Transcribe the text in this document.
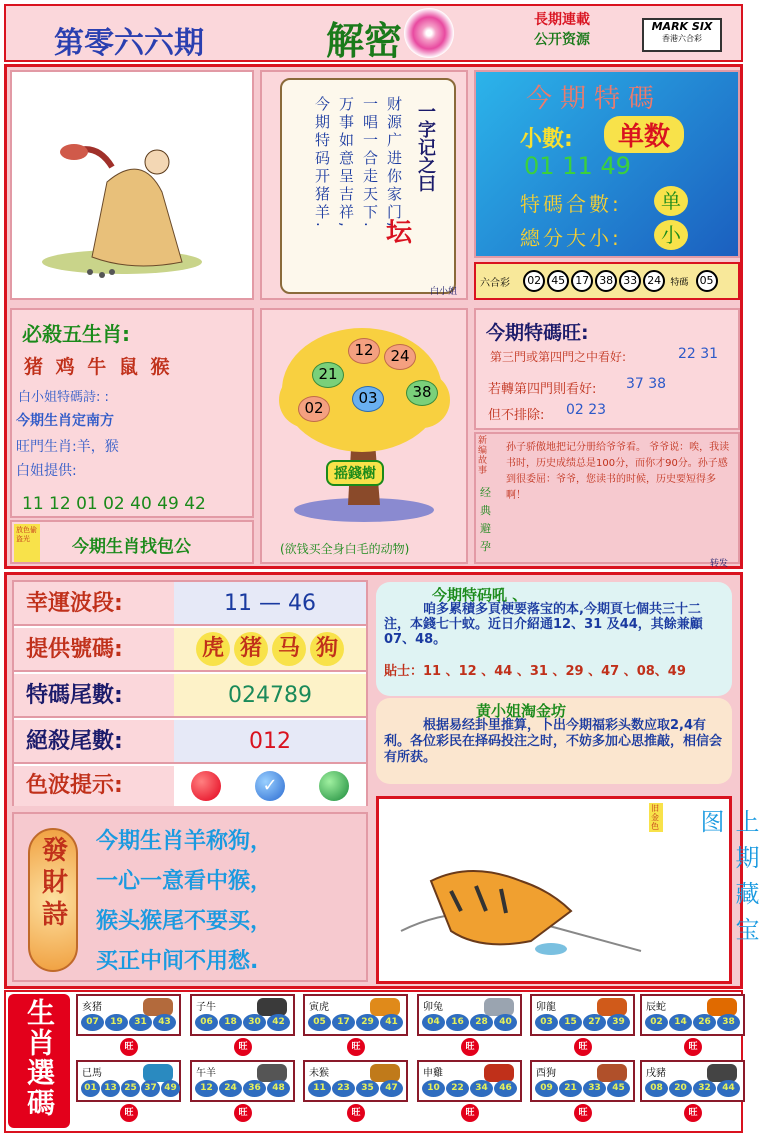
第零六六期	解密	長期連載
公开资源
MARK SIX
香港六合彩
财源广进你家门,
一唱一合走天下.
万事如意呈吉祥,
今期特码开猪羊.	一字记之曰
坛
白小姐
今期特碼
小數:	单数
01 11 49
特碼合數:	单
總分大小:	小
六合彩 02 45 17 38 33 24 特碼 05
必殺五生肖:
猪 鸡 牛 鼠 猴
白小姐特碼詩: :
今期生肖定南方
旺門生肖:羊，猴
白姐提供:
11 12 01 02 40 49 42
放色偷盗光	今期生肖找包公
12	24
21
03	38
02
摇錢樹
(欲钱买全身白毛的动物)
今期特碼旺:
第三門或第四門之中看好:	22 31
若轉第四門則看好: 37 38
但不排除: 02 23
新编故事
经典避孕
孙子骄傲地把记分册给爷爷看。 爷爷说：唉，我读书时，历史成绩总是100分，而你才90分。孙子感到很委屈：爷爷，您读书的时候，历史要短得多啊！
转发
幸運波段:	11 — 46
提供號碼:	虎 猪 马 狗
特碼尾數:	024789
絕殺尾數:	012
色波提示:	✓
今期特码吼 、
咱多累積多頁梗要落宝的本,今期頁七個共三十二注，本錢七十蚊。近日介紹通12、31 及44，其餘兼顧07、48。
貼士：11 、12 、44 、31 、29 、47 、08、49
黄小姐淘金坊
根据易经卦里推算，卜出今期福彩头数应取2,4有利。各位彩民在择码投注之时，不妨多加心思推敲，相信会有所获。
發財詩 今期生肖羊称狗，
一心一意看中猴，
猴头猴尾不要买，
买正中间不用愁.
旧金色	上期藏宝图
生肖選碼	亥猪
07	19	31	43
旺
子牛
06	18	30	42
旺
寅虎
05	17	29	41
旺
卯兔
04	16	28	40
旺
卯龍
03	15	27	39
旺
辰蛇
02	14	26	38
旺
已馬
01 13 25 37 49
旺
午羊
12	24	36	48
旺
未猴
11	23	35	47
旺
申雞
10	22	34	46
旺
酉狗
09	21	33	45
旺
戌豬
08	20	32	44
旺
